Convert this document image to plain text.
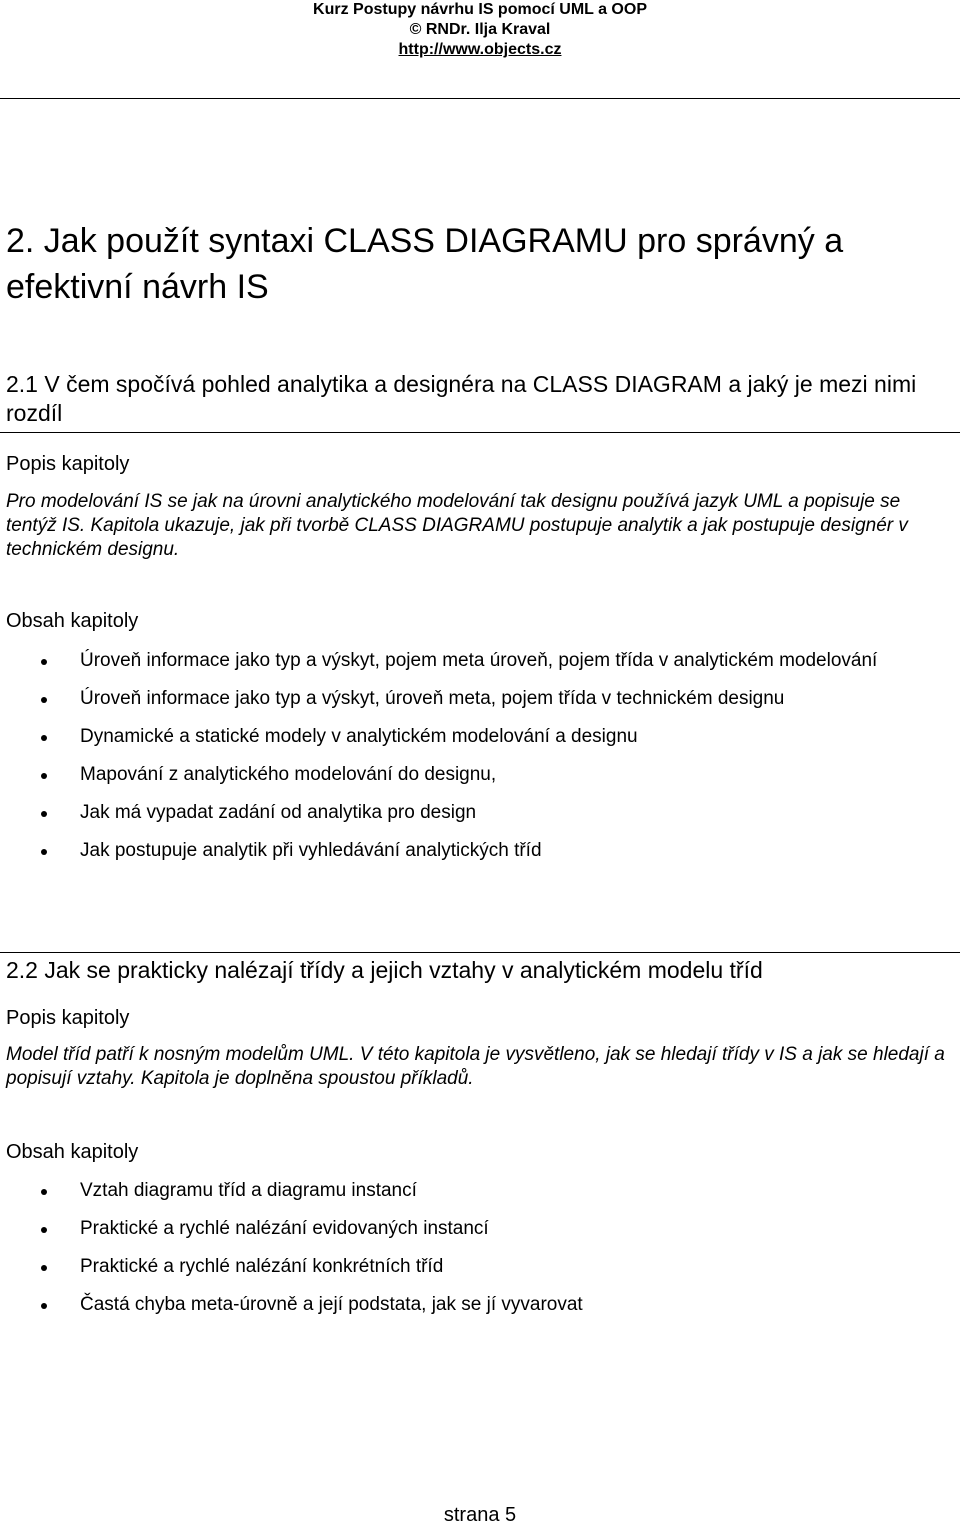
Kurz Postupy návrhu IS pomocí UML a OOP
© RNDr. Ilja Kraval
http://www.objects.cz
2. Jak použít syntaxi CLASS DIAGRAMU pro správný a efektivní návrh IS
2.1 V čem spočívá pohled analytika a designéra na CLASS DIAGRAM a jaký je mezi nimi rozdíl
Popis kapitoly
Pro modelování IS se jak na úrovni analytického modelování tak designu používá jazyk UML a popisuje se tentýž IS. Kapitola ukazuje, jak při tvorbě CLASS DIAGRAMU postupuje analytik a jak postupuje designér v technickém designu.
Obsah kapitoly
Úroveň informace jako typ a výskyt, pojem meta úroveň, pojem třída v analytickém modelování
Úroveň informace jako typ a výskyt, úroveň meta, pojem třída v technickém designu
Dynamické a statické modely v analytickém modelování a designu
Mapování z analytického modelování do designu,
Jak má vypadat zadání od analytika pro design
Jak postupuje analytik při vyhledávání analytických tříd
2.2 Jak se prakticky nalézají třídy a jejich vztahy v analytickém modelu tříd
Popis kapitoly
Model tříd patří k nosným modelům UML. V této kapitola je vysvětleno, jak se hledají třídy v IS a jak se hledají a popisují vztahy. Kapitola je doplněna spoustou příkladů.
Obsah kapitoly
Vztah diagramu tříd a diagramu instancí
Praktické a rychlé nalézání evidovaných instancí
Praktické a rychlé nalézání konkrétních tříd
Častá chyba meta-úrovně a její podstata, jak se jí vyvarovat
strana 5
